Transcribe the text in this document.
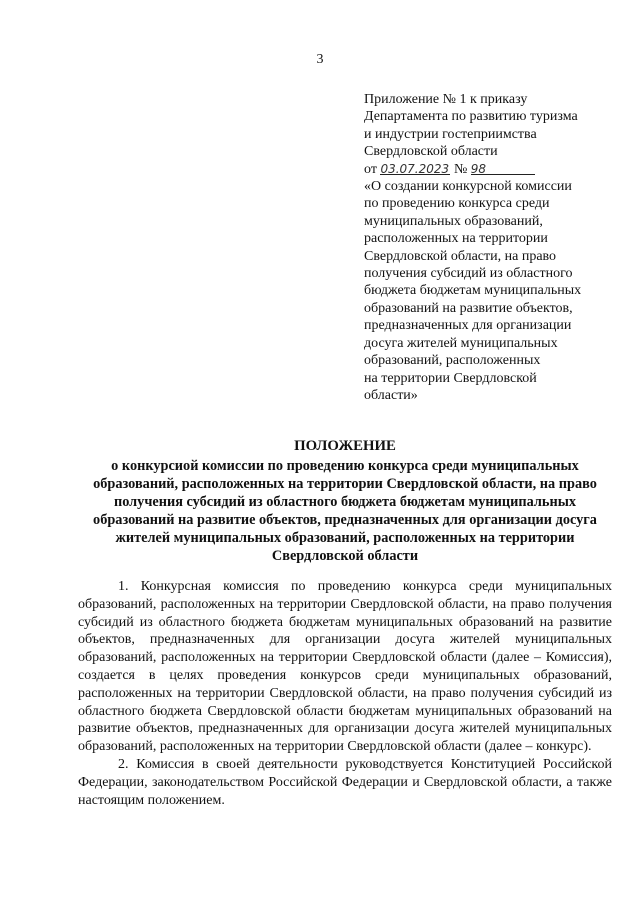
3
Приложение № 1 к приказу
Департамента по развитию туризма
и индустрии гостеприимства
Свердловской области
от 03.07.2023 № 98
«О создании конкурсной комиссии
по проведению конкурса среди
муниципальных образований,
расположенных на территории
Свердловской области, на право
получения субсидий из областного
бюджета бюджетам муниципальных
образований на развитие объектов,
предназначенных для организации
досуга жителей муниципальных
образований, расположенных
на территории Свердловской
области»
ПОЛОЖЕНИЕ
о конкурсиой комиссии по проведению конкурса среди муниципальных
образований, расположенных на территории Свердловской области, на право
получения субсидий из областного бюджета бюджетам муниципальных
образований на развитие объектов, предназначенных для организации досуга
жителей муниципальных образований, расположенных на территории
Свердловской области

1. Конкурсная комиссия по проведению конкурса среди муниципальных образований, расположенных на территории Свердловской области, на право получения субсидий из областного бюджета бюджетам муниципальных образований на развитие объектов, предназначенных для организации досуга жителей муниципальных образований, расположенных на территории Свердловской области (далее – Комиссия), создается в целях проведения конкурсов среди муниципальных образований, расположенных на территории Свердловской области, на право получения субсидий из областного бюджета Свердловской области бюджетам муниципальных образований на развитие объектов, предназначенных для организации досуга жителей муниципальных образований, расположенных на территории Свердловской области (далее – конкурс).

2. Комиссия в своей деятельности руководствуется Конституцией Российской Федерации, законодательством Российской Федерации и Свердловской области, а также настоящим положением.
